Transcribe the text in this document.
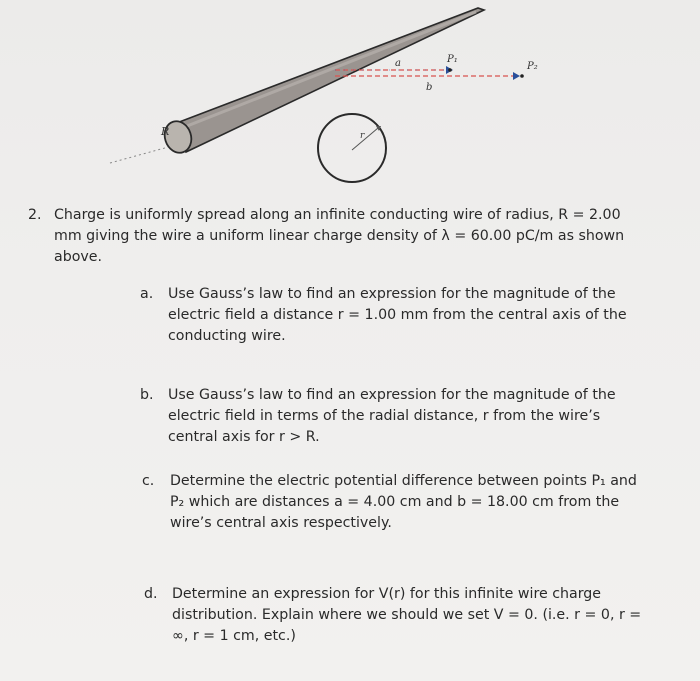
R
a
b
P₁
P₂
r
2. Charge is uniformly spread along an infinite conducting wire of radius, R = 2.00
mm giving the wire a uniform linear charge density of λ = 60.00 pC/m as shown
above.
a. Use Gauss’s law to find an expression for the magnitude of the
electric field a distance r = 1.00 mm from the central axis of the
conducting wire.
b. Use Gauss’s law to find an expression for the magnitude of the
electric field in terms of the radial distance, r from the wire’s
central axis for r > R.
c. Determine the electric potential difference between points P₁ and
P₂ which are distances a = 4.00 cm and b = 18.00 cm from the
wire’s central axis respectively.
d. Determine an expression for V(r) for this infinite wire charge
distribution. Explain where we should we set V = 0. (i.e. r = 0, r =
∞, r = 1 cm, etc.)
